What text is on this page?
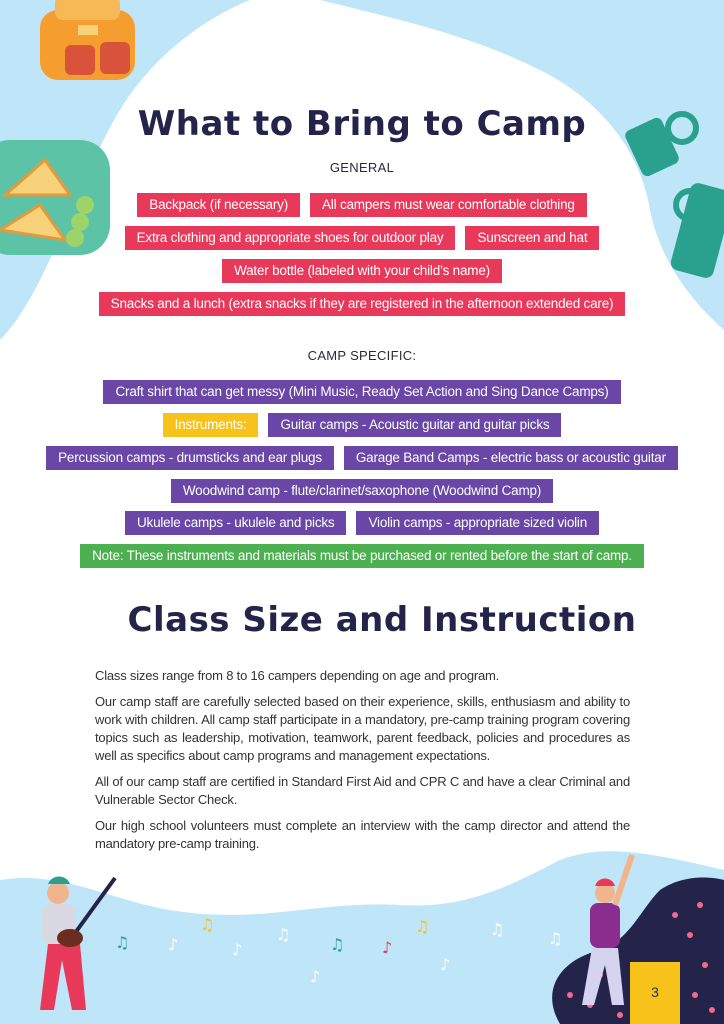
♫
♫ ♪	♪
♫
♫ ♪
♫	♫	♫
♪
♪
What to Bring to Camp
GENERAL
Backpack (if necessary)	All campers must wear comfortable clothing
Extra clothing and appropriate shoes for outdoor play	Sunscreen and hat
Water bottle (labeled with your child’s name)
Snacks and a lunch (extra snacks if they are registered in the afternoon extended care)
CAMP SPECIFIC:
Craft shirt that can get messy (Mini Music, Ready Set Action and Sing Dance Camps)
Instruments:	Guitar camps - Acoustic guitar and guitar picks
Percussion camps - drumsticks and ear plugs	Garage Band Camps - electric bass or acoustic guitar
Woodwind camp - flute/clarinet/saxophone (Woodwind Camp)
Ukulele camps - ukulele and picks	Violin camps - appropriate sized violin
Note: These instruments and materials must be purchased or rented before the start of camp.
Class Size and Instruction

Class sizes range from 8 to 16 campers depending on age and program.

Our camp staff are carefully selected based on their experience, skills, enthusiasm and ability to work with children. All camp staff participate in a mandatory, pre-camp training program covering topics such as leadership, motivation, teamwork, parent feedback, policies and procedures as well as specifics about camp programs and management expectations.

All of our camp staff are certified in Standard First Aid and CPR C and have a clear Criminal and Vulnerable Sector Check.

Our high school volunteers must complete an interview with the camp director and attend the mandatory pre-camp training.

3
